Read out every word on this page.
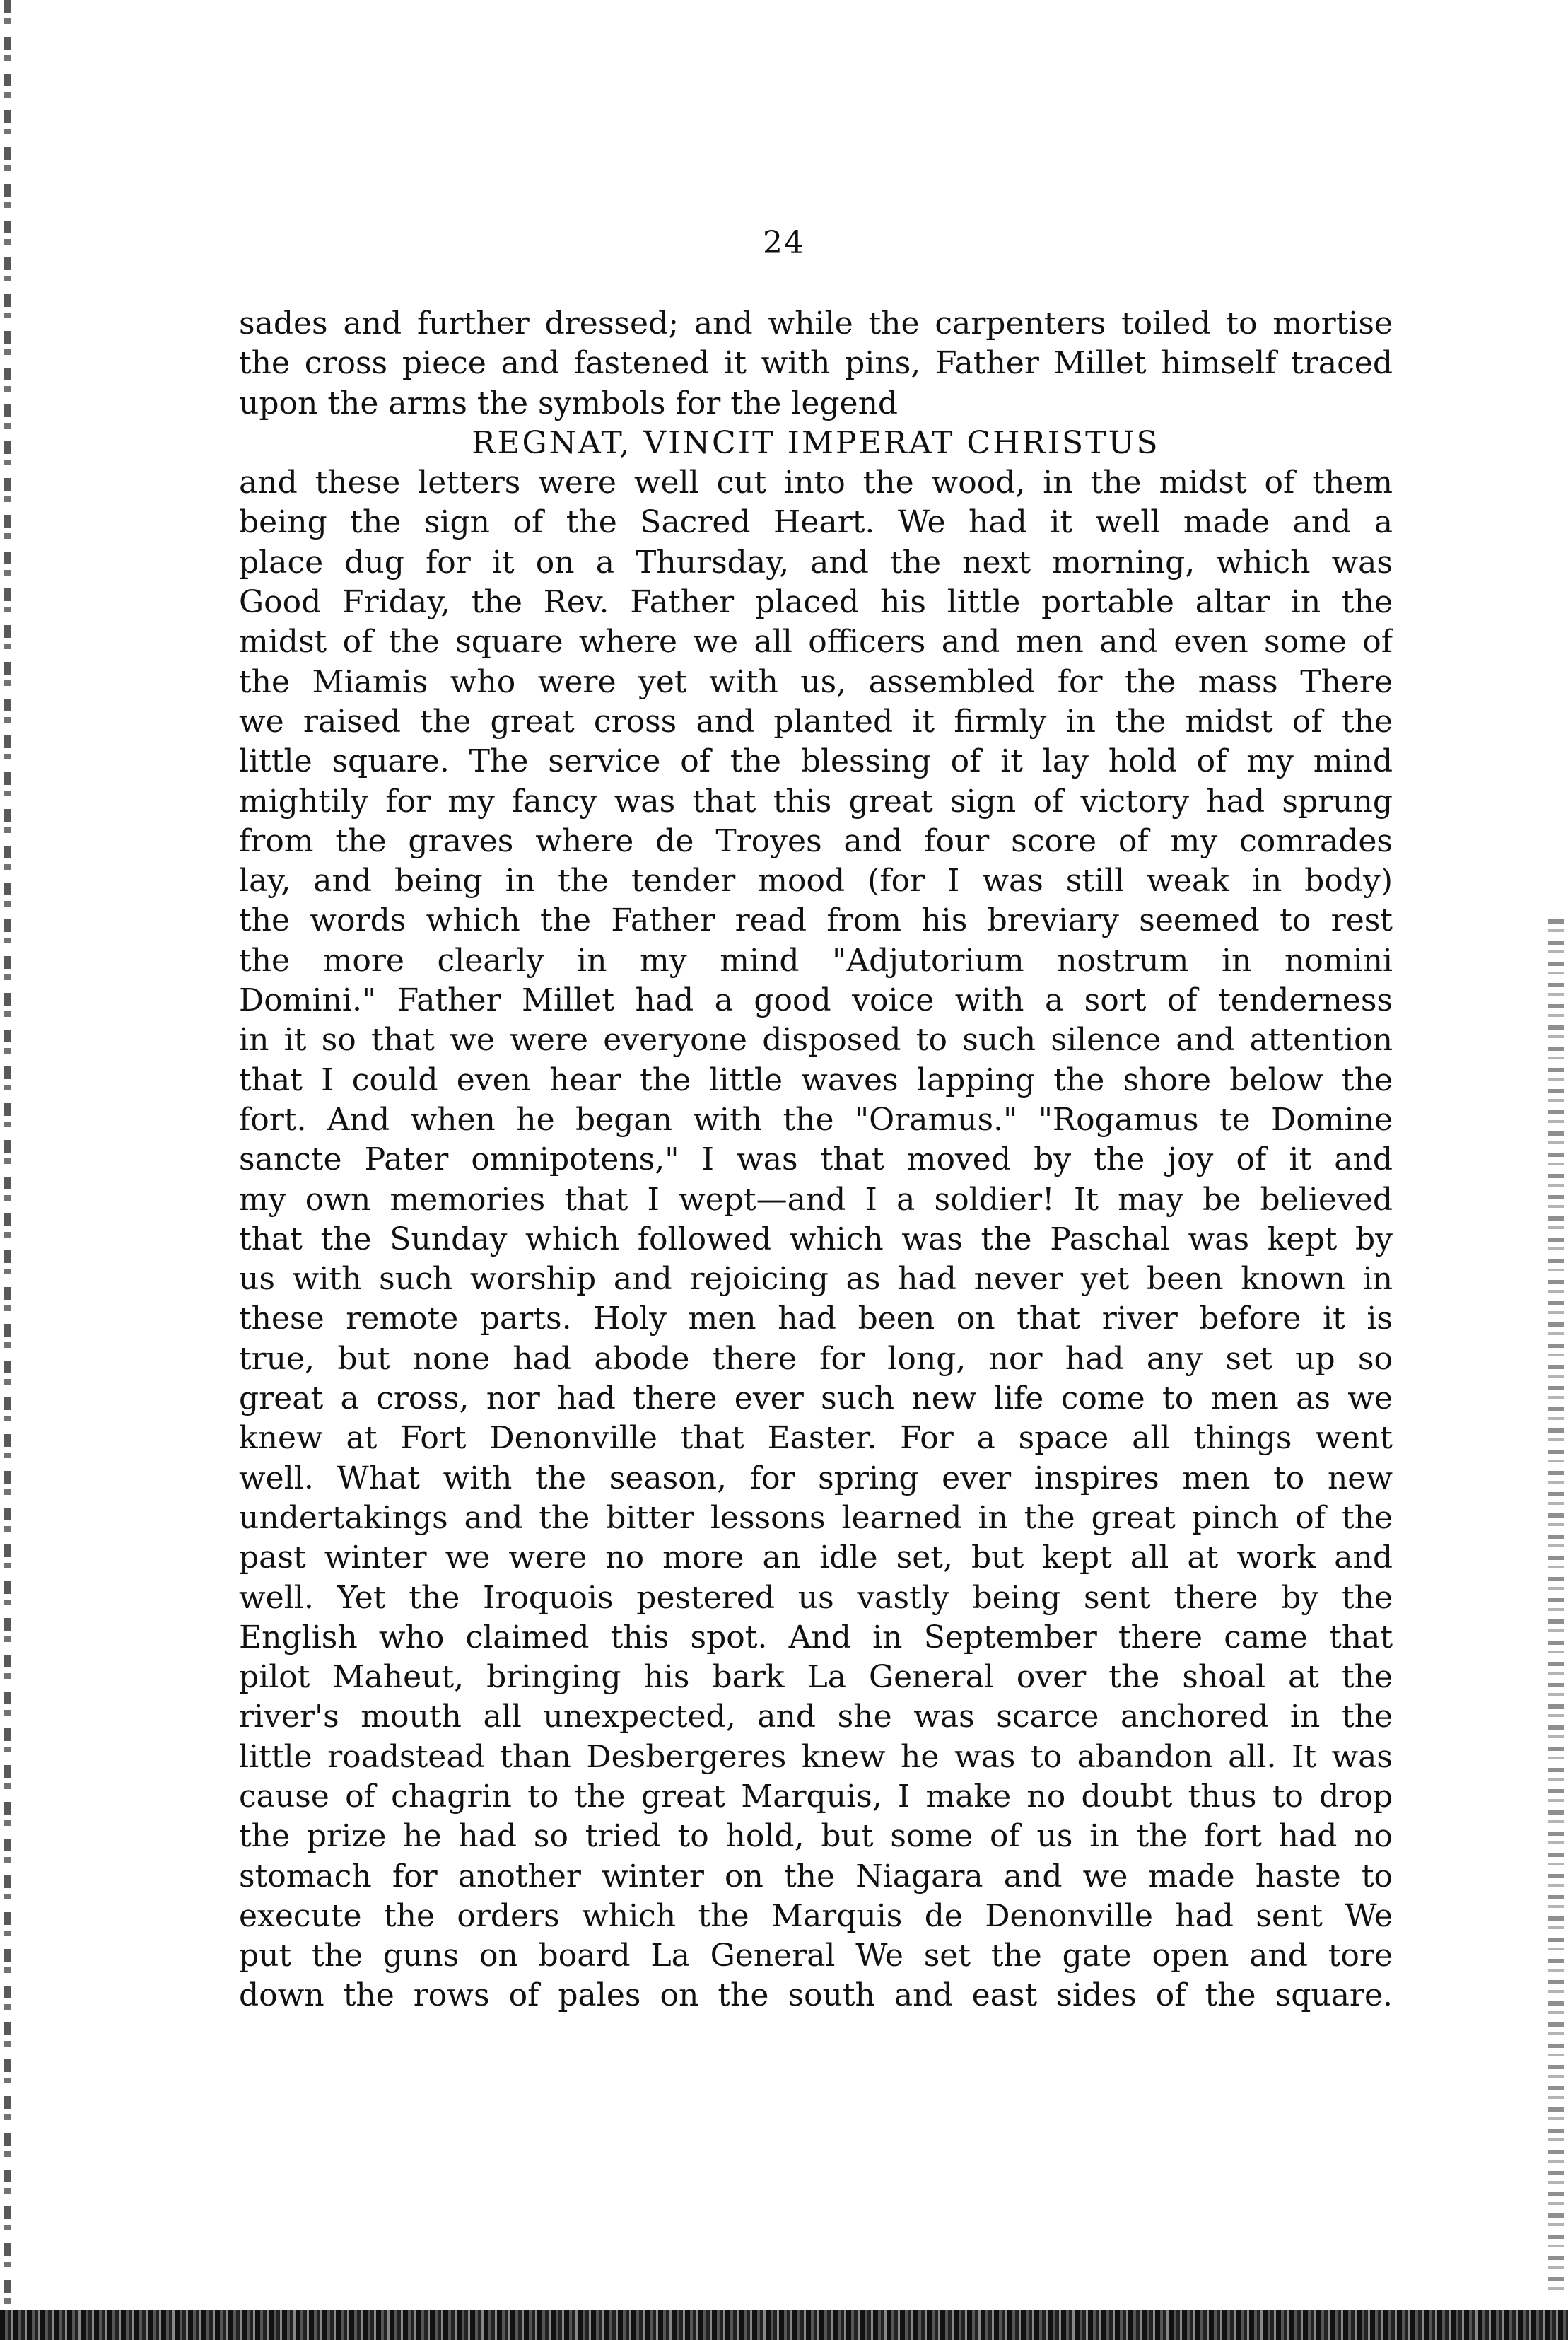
24
sades and further dressed; and while the carpenters toiled to mortise
the cross piece and fastened it with pins, Father Millet himself traced
upon the arms the symbols for the legend
REGNAT, VINCIT IMPERAT CHRISTUS
and these letters were well cut into the wood, in the midst of them
being the sign of the Sacred Heart. We had it well made and a
place dug for it on a Thursday, and the next morning, which was
Good Friday, the Rev. Father placed his little portable altar in the
midst of the square where we all officers and men and even some of
the Miamis who were yet with us, assembled for the mass There
we raised the great cross and planted it firmly in the midst of the
little square. The service of the blessing of it lay hold of my mind
mightily for my fancy was that this great sign of victory had sprung
from the graves where de Troyes and four score of my comrades
lay, and being in the tender mood (for I was still weak in body)
the words which the Father read from his breviary seemed to rest
the more clearly in my mind "Adjutorium nostrum in nomini
Domini." Father Millet had a good voice with a sort of tenderness
in it so that we were everyone disposed to such silence and attention
that I could even hear the little waves lapping the shore below the
fort. And when he began with the "Oramus." "Rogamus te Domine
sancte Pater omnipotens," I was that moved by the joy of it and
my own memories that I wept—and I a soldier! It may be believed
that the Sunday which followed which was the Paschal was kept by
us with such worship and rejoicing as had never yet been known in
these remote parts. Holy men had been on that river before it is
true, but none had abode there for long, nor had any set up so
great a cross, nor had there ever such new life come to men as we
knew at Fort Denonville that Easter. For a space all things went
well. What with the season, for spring ever inspires men to new
undertakings and the bitter lessons learned in the great pinch of the
past winter we were no more an idle set, but kept all at work and
well. Yet the Iroquois pestered us vastly being sent there by the
English who claimed this spot. And in September there came that
pilot Maheut, bringing his bark La General over the shoal at the
river's mouth all unexpected, and she was scarce anchored in the
little roadstead than Desbergeres knew he was to abandon all. It was
cause of chagrin to the great Marquis, I make no doubt thus to drop
the prize he had so tried to hold, but some of us in the fort had no
stomach for another winter on the Niagara and we made haste to
execute the orders which the Marquis de Denonville had sent We
put the guns on board La General We set the gate open and tore
down the rows of pales on the south and east sides of the square.
